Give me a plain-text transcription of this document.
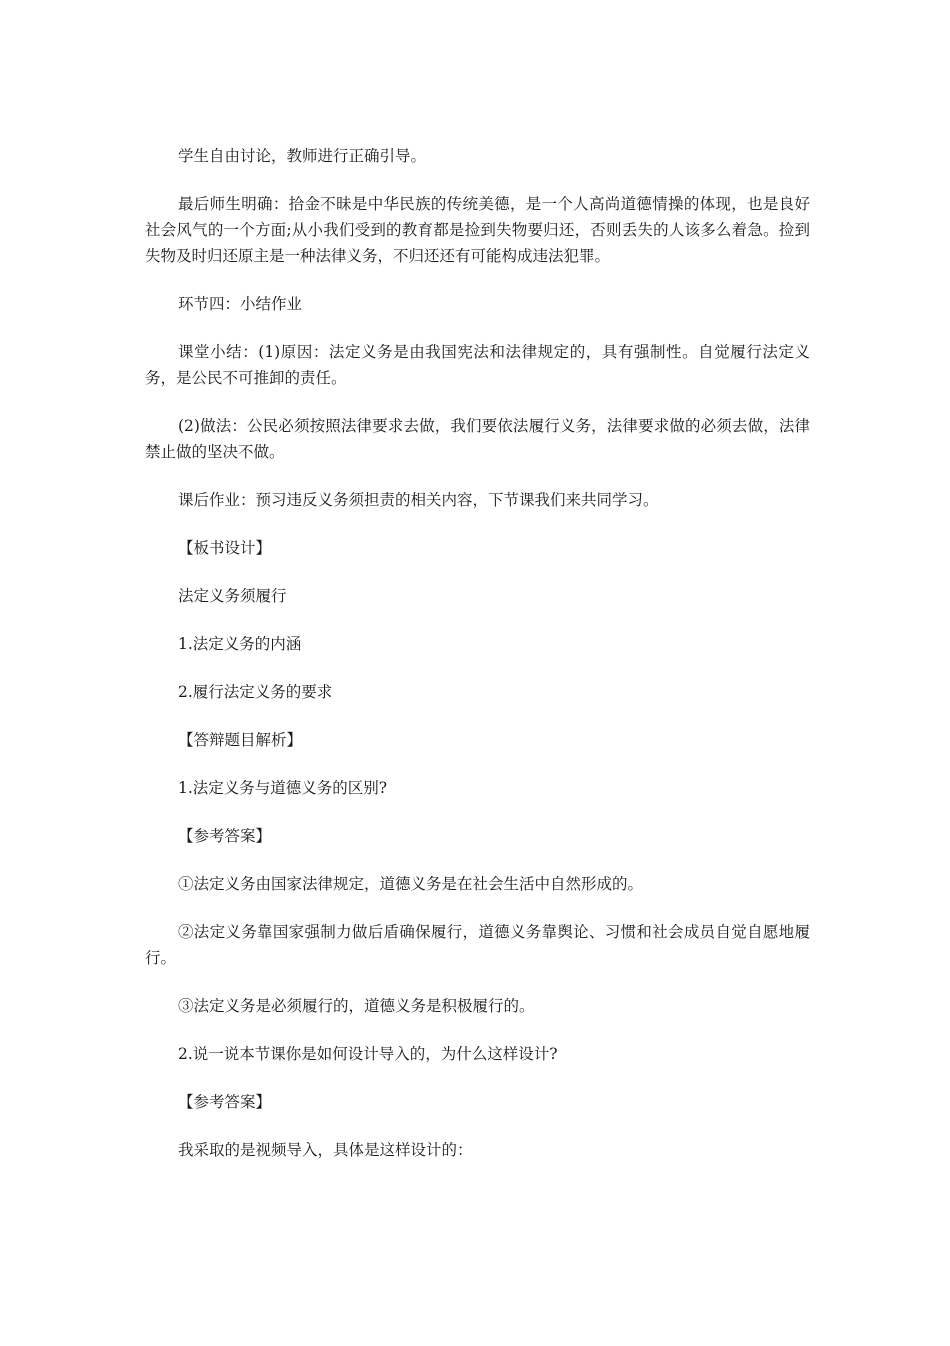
学生自由讨论，教师进行正确引导。

最后师生明确：拾金不昧是中华民族的传统美德，是一个人高尚道德情操的体现，也是良好社会风气的一个方面;从小我们受到的教育都是捡到失物要归还，否则丢失的人该多么着急。捡到失物及时归还原主是一种法律义务，不归还还有可能构成违法犯罪。

环节四：小结作业

课堂小结：(1)原因：法定义务是由我国宪法和法律规定的，具有强制性。自觉履行法定义务，是公民不可推卸的责任。

(2)做法：公民必须按照法律要求去做，我们要依法履行义务，法律要求做的必须去做，法律禁止做的坚决不做。

课后作业：预习违反义务须担责的相关内容，下节课我们来共同学习。

【板书设计】

法定义务须履行

1.法定义务的内涵

2.履行法定义务的要求

【答辩题目解析】

1.法定义务与道德义务的区别?

【参考答案】

①法定义务由国家法律规定，道德义务是在社会生活中自然形成的。

②法定义务靠国家强制力做后盾确保履行，道德义务靠舆论、习惯和社会成员自觉自愿地履行。

③法定义务是必须履行的，道德义务是积极履行的。

2.说一说本节课你是如何设计导入的，为什么这样设计?

【参考答案】

我采取的是视频导入，具体是这样设计的：
